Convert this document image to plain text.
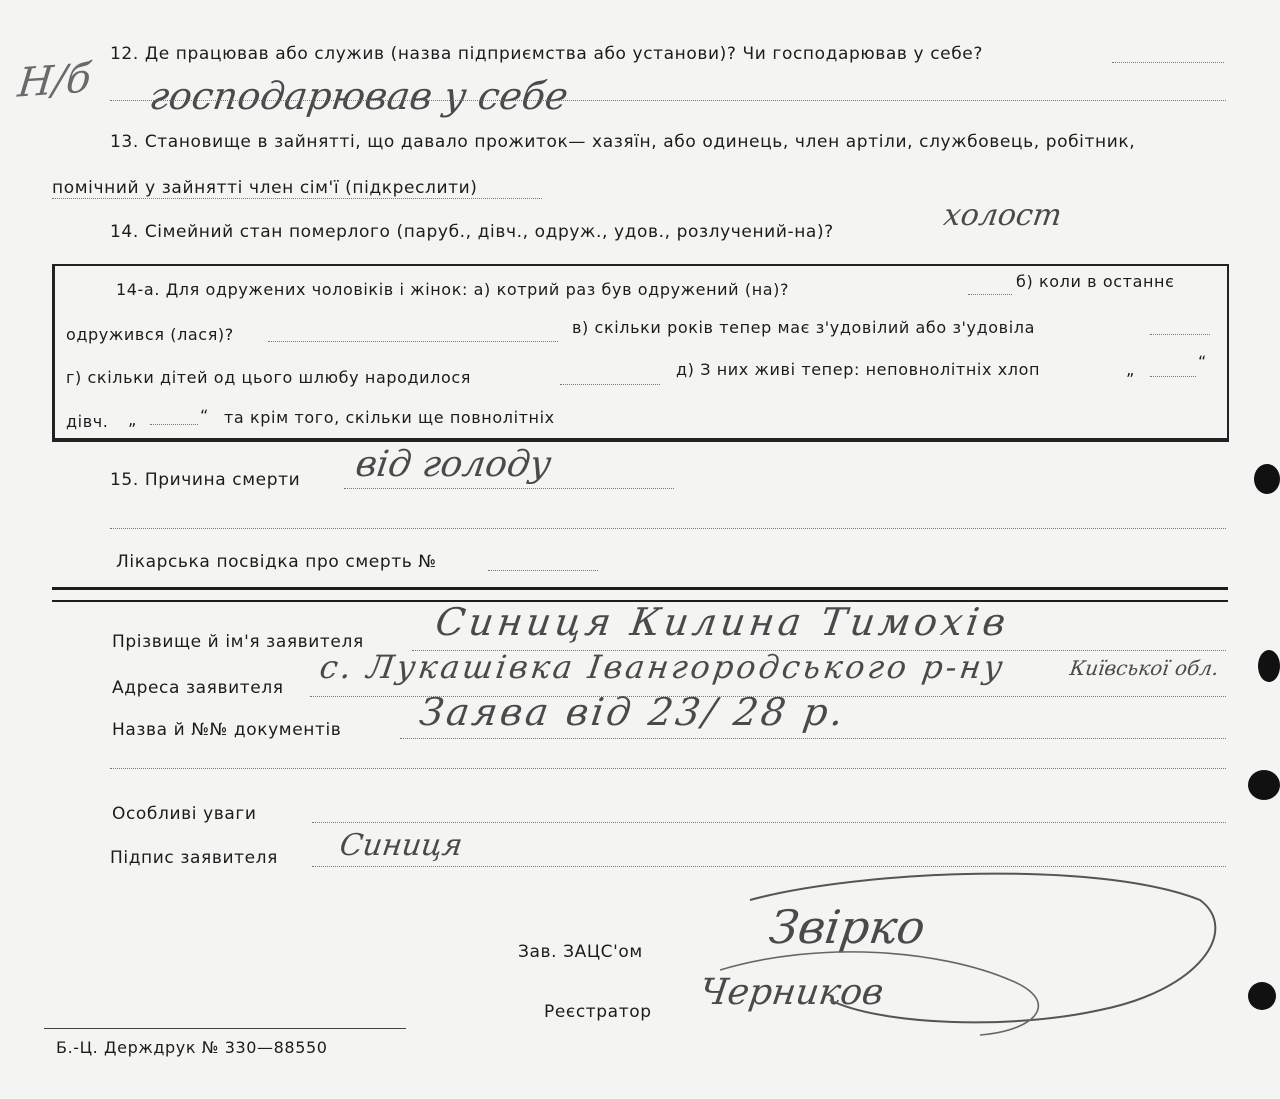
Н/б
12. Де працював або служив (назва підприємства або установи)? Чи господарював у себе?
господарював у себе
13. Становище в зайнятті, що давало прожиток— хазяїн, або одинець, член артіли, службовець, робітник,
помічний у зайнятті член сім'ї (підкреслити)
14. Сімейний стан померлого (паруб., дівч., одруж., удов., розлучений-на)?	холост
14-а. Для одружених чоловіків і жінок: а) котрий раз був одружений (на)?	б) коли в останнє
одружився (лася)?	в) скільки років тепер має з'удовілий або з'удовіла
г) скільки дітей од цього шлюбу народилося	д) З них живі тепер: неповнолітніх хлоп	„	“
дівч. „	“ та крім того, скільки ще повнолітніх
15. Причина смерти від голоду
Лікарська посвідка про смерть №
Прізвище й ім'я заявителя Синиця Килина Тимохів
Адреса заявителя
с. Лукашівка Івангородського р-ну	Київської обл.
Назва й №№ документів Заява від 23/ 28 р.
Особливі уваги
Підпис заявителя Синиця
Зав. ЗАЦС'ом	Звірко
Реєстратор Черников
Б.-Ц. Держдрук № 330—88550
